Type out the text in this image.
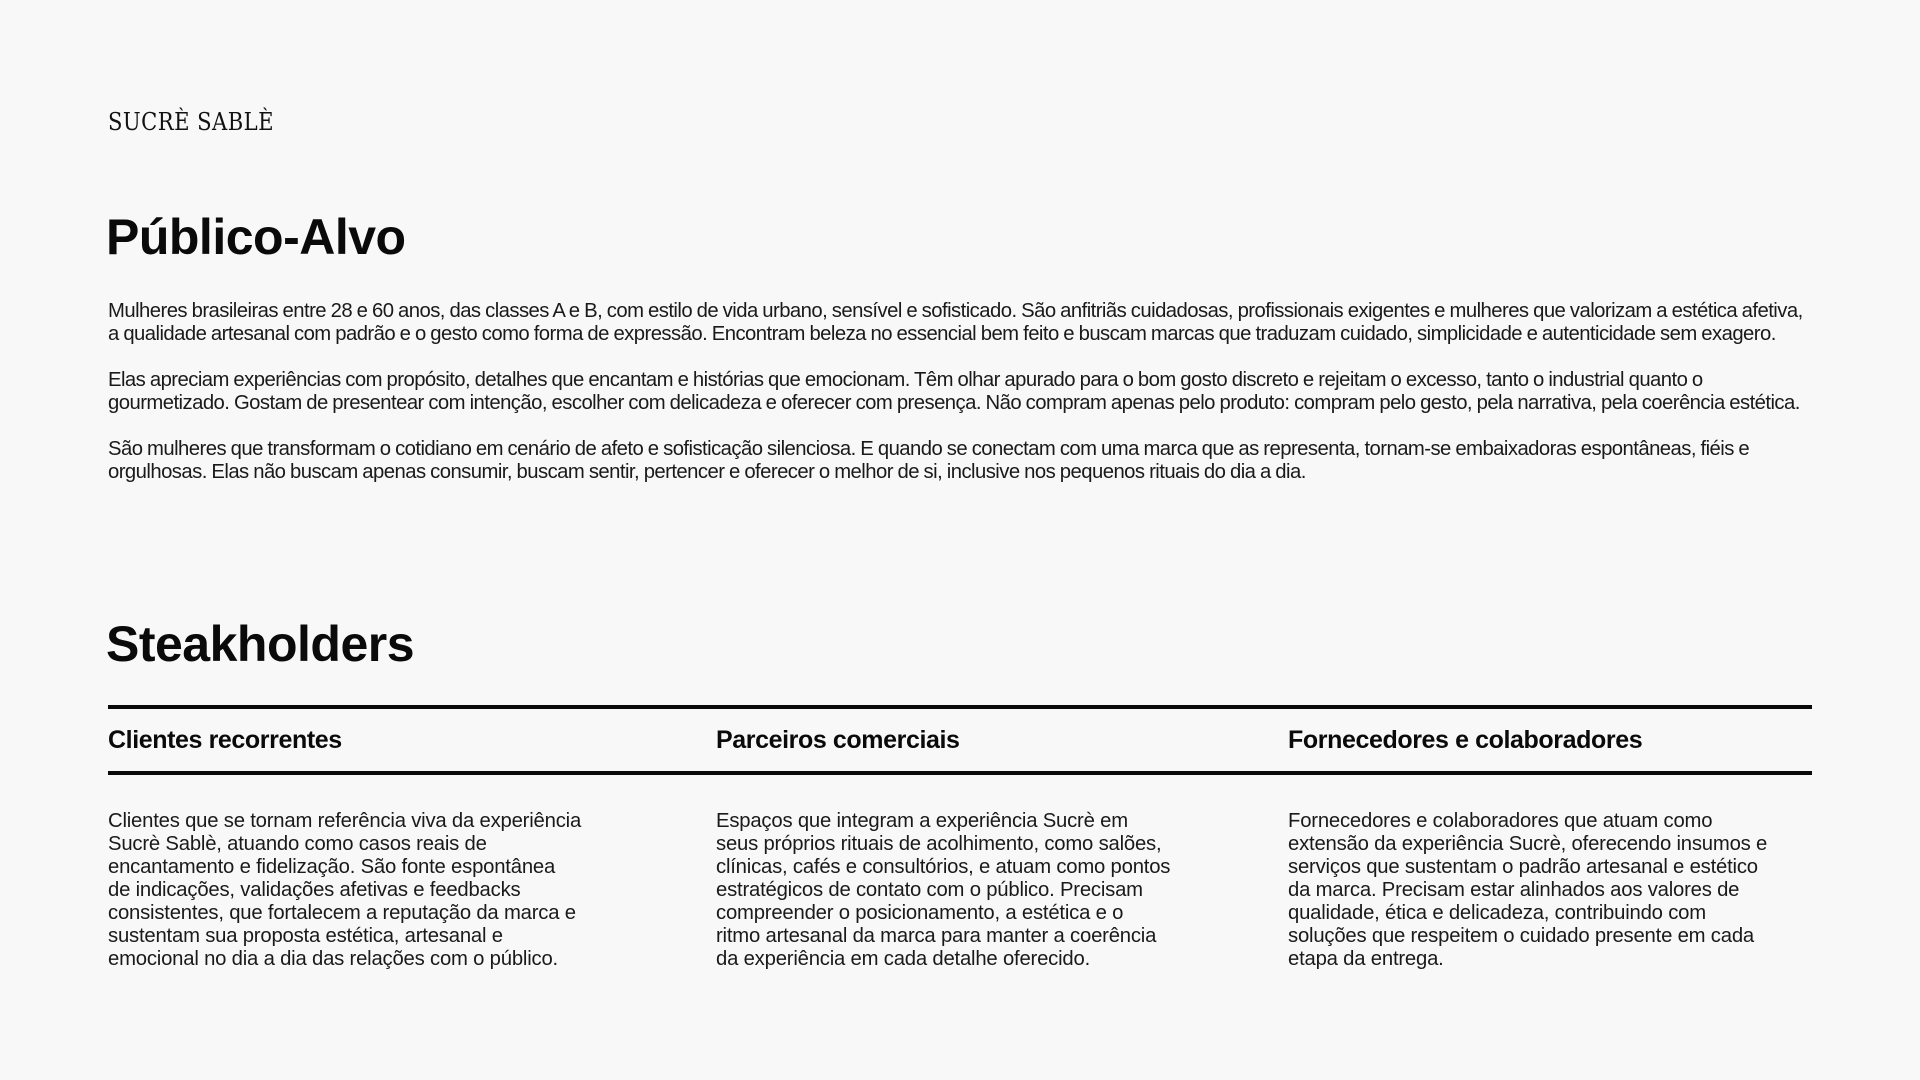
SUCRÈ SABLÈ
Público-Alvo

Mulheres brasileiras entre 28 e 60 anos, das classes A e B, com estilo de vida urbano, sensível e sofisticado. São anfitriãs cuidadosas, profissionais exigentes e mulheres que valorizam a estética afetiva, a qualidade artesanal com padrão e o gesto como forma de expressão. Encontram beleza no essencial bem feito e buscam marcas que traduzam cuidado, simplicidade e autenticidade sem exagero.

Elas apreciam experiências com propósito, detalhes que encantam e histórias que emocionam. Têm olhar apurado para o bom gosto discreto e rejeitam o excesso, tanto o industrial quanto o gourmetizado. Gostam de presentear com intenção, escolher com delicadeza e oferecer com presença. Não compram apenas pelo produto: compram pelo gesto, pela narrativa, pela coerência estética.

São mulheres que transformam o cotidiano em cenário de afeto e sofisticação silenciosa. E quando se conectam com uma marca que as representa, tornam-se embaixadoras espontâneas, fiéis e orgulhosas. Elas não buscam apenas consumir, buscam sentir, pertencer e oferecer o melhor de si, inclusive nos pequenos rituais do dia a dia.

Steakholders
Clientes recorrentes	Parceiros comerciais	Fornecedores e colaboradores
Clientes que se tornam referência viva da experiência
Sucrè Sablè, atuando como casos reais de
encantamento e fidelização. São fonte espontânea
de indicações, validações afetivas e feedbacks
consistentes, que fortalecem a reputação da marca e
sustentam sua proposta estética, artesanal e
emocional no dia a dia das relações com o público.
Espaços que integram a experiência Sucrè em
seus próprios rituais de acolhimento, como salões,
clínicas, cafés e consultórios, e atuam como pontos
estratégicos de contato com o público. Precisam
compreender o posicionamento, a estética e o
ritmo artesanal da marca para manter a coerência
da experiência em cada detalhe oferecido.
Fornecedores e colaboradores que atuam como
extensão da experiência Sucrè, oferecendo insumos e
serviços que sustentam o padrão artesanal e estético
da marca. Precisam estar alinhados aos valores de
qualidade, ética e delicadeza, contribuindo com
soluções que respeitem o cuidado presente em cada
etapa da entrega.
